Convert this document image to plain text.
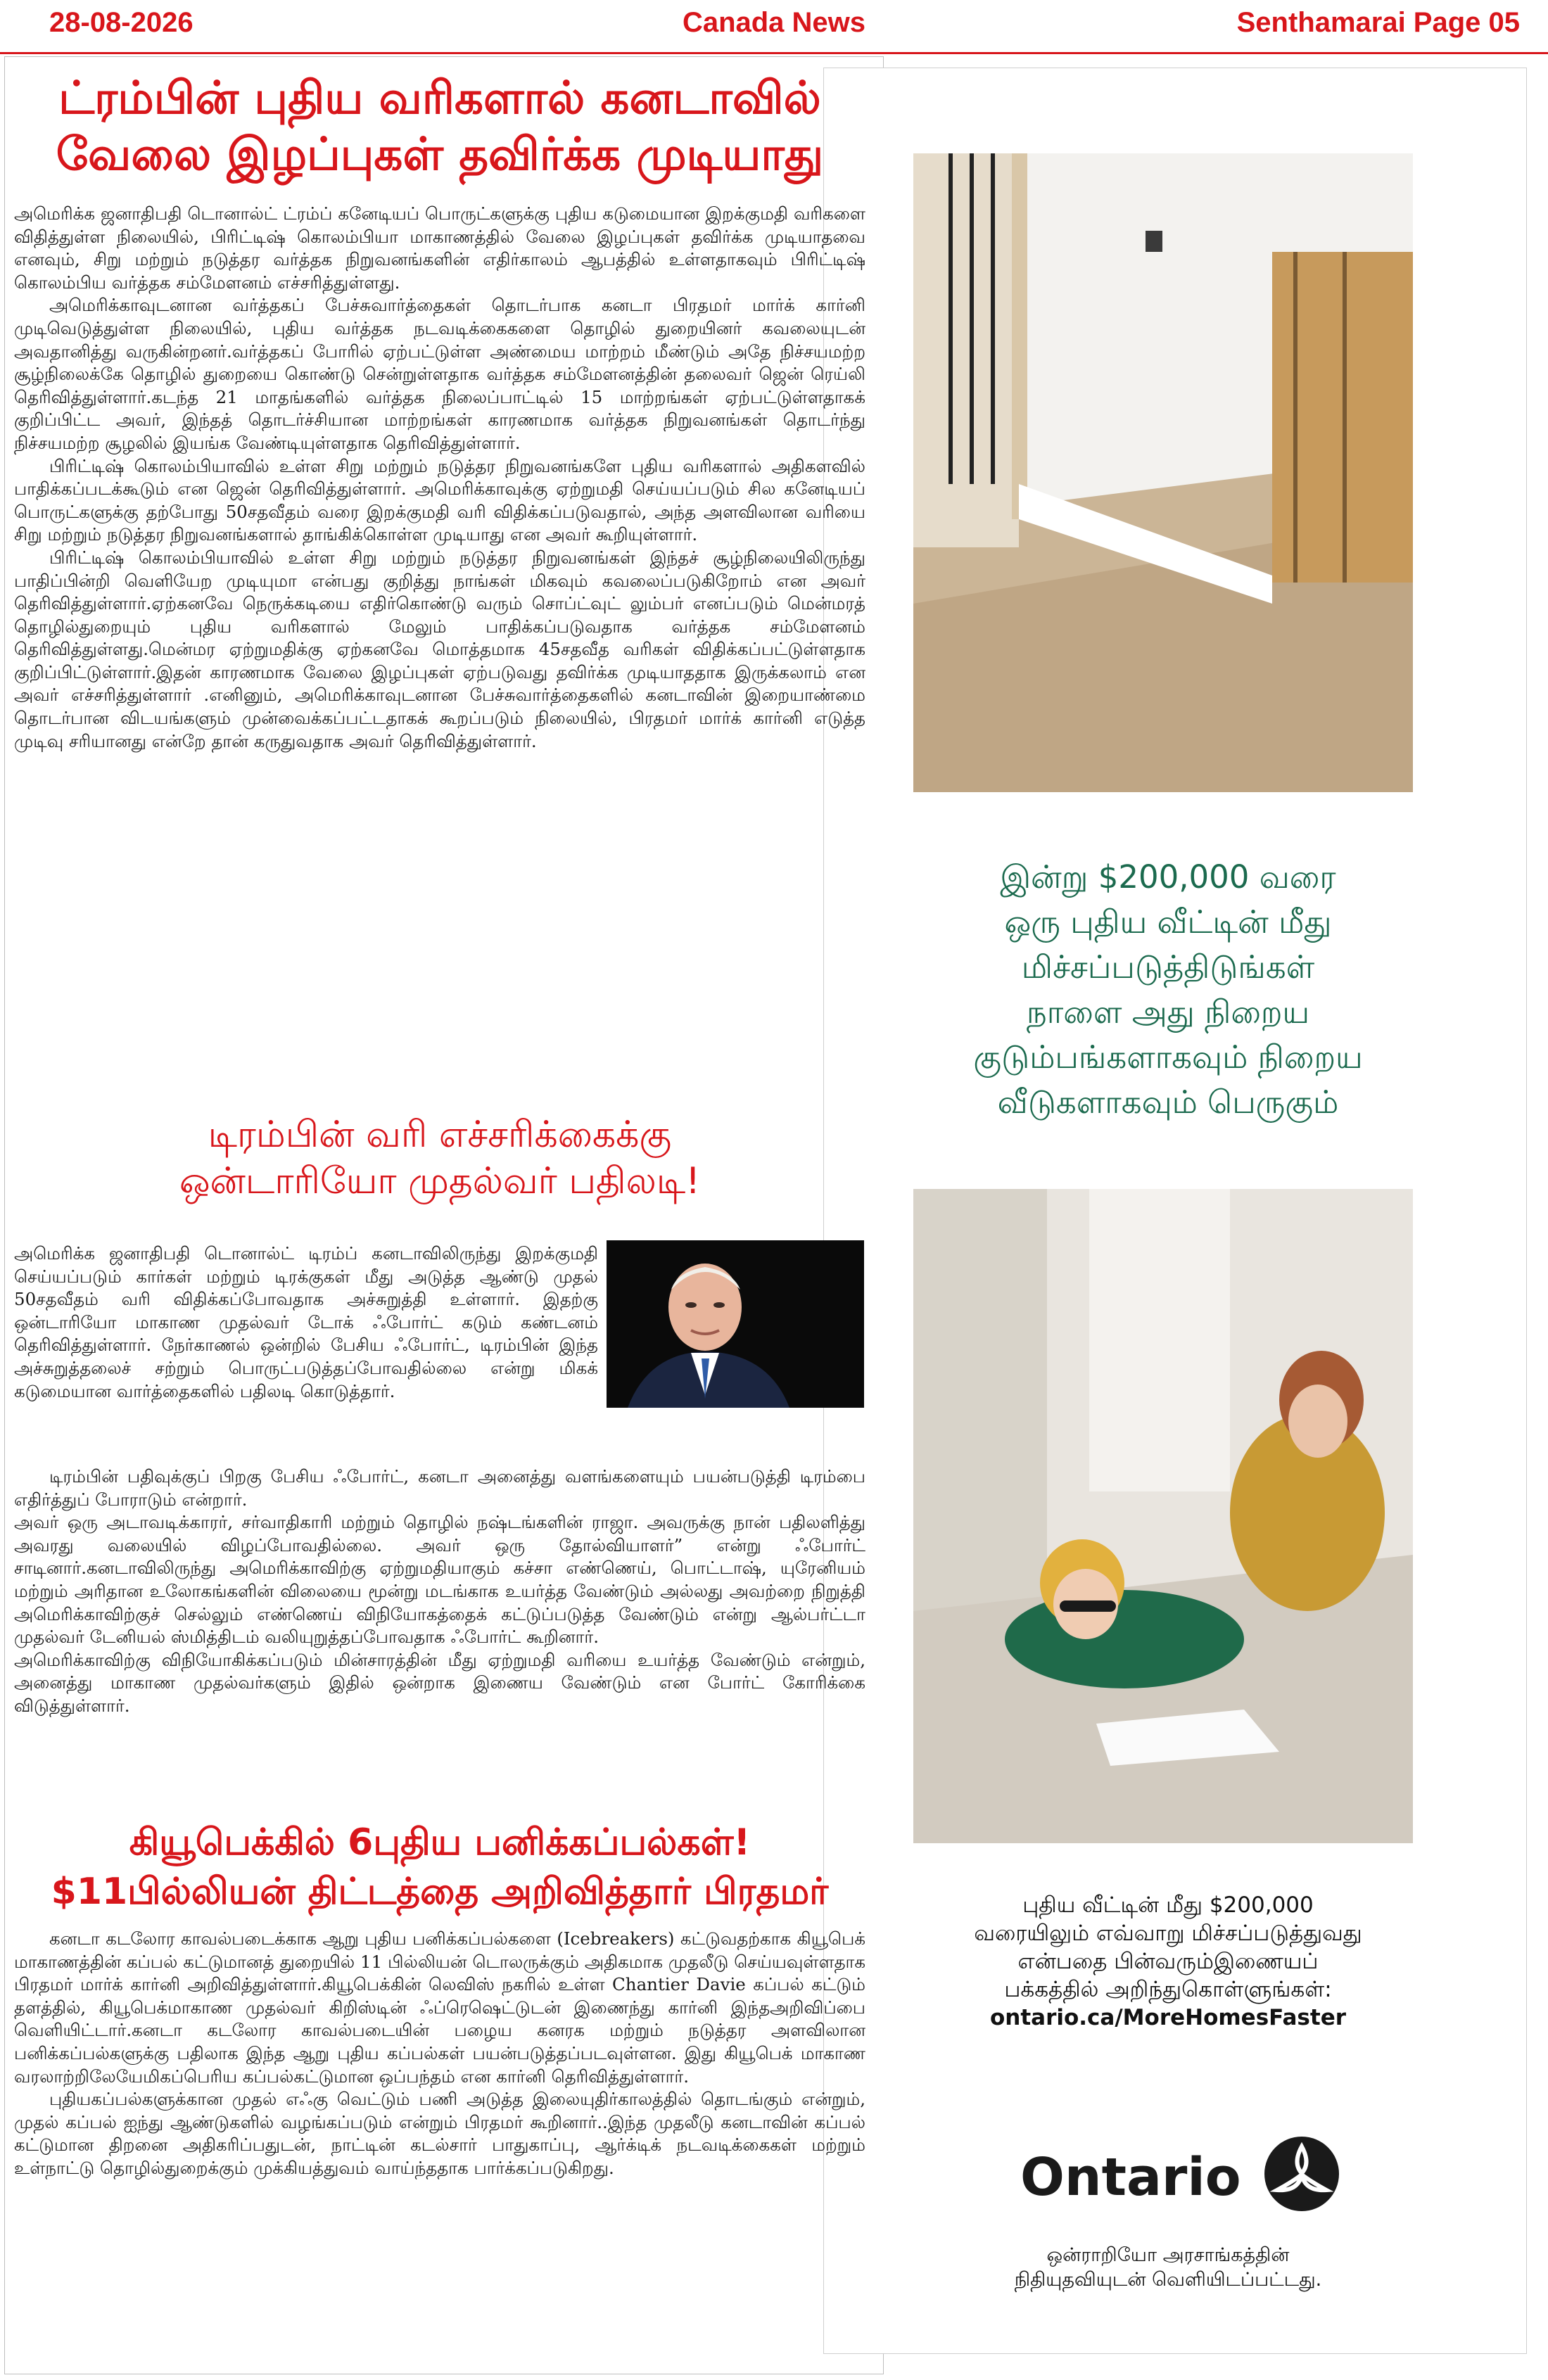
28-08-2026	Canada News	Senthamarai Page 05
ட்ரம்பின் புதிய வரிகளால் கனடாவில்
வேலை இழப்புகள் தவிர்க்க முடியாது

அமெரிக்க ஜனாதிபதி டொனால்ட் ட்ரம்ப் கனேடியப் பொருட்களுக்கு புதிய கடுமையான இறக்குமதி வரிகளை விதித்துள்ள நிலையில், பிரிட்டிஷ் கொலம்பியா மாகாணத்தில் வேலை இழப்புகள் தவிர்க்க முடியாதவை எனவும், சிறு மற்றும் நடுத்தர வர்த்தக நிறுவனங்களின் எதிர்காலம் ஆபத்தில் உள்ளதாகவும் பிரிட்டிஷ் கொலம்பிய வர்த்தக சம்மேளனம் எச்சரித்துள்ளது.

அமெரிக்காவுடனான வர்த்தகப் பேச்சுவார்த்தைகள் தொடர்பாக கனடா பிரதமர் மார்க் கார்னி முடிவெடுத்துள்ள நிலையில், புதிய வர்த்தக நடவடிக்கைகளை தொழில் துறையினர் கவலையுடன் அவதானித்து வருகின்றனர்.வர்த்தகப் போரில் ஏற்பட்டுள்ள அண்மைய மாற்றம் மீண்டும் அதே நிச்சயமற்ற சூழ்நிலைக்கே தொழில் துறையை கொண்டு சென்றுள்ளதாக வர்த்தக சம்மேளனத்தின் தலைவர் ஜென் ரெய்லி தெரிவித்துள்ளார்.கடந்த 21 மாதங்களில் வர்த்தக நிலைப்பாட்டில் 15 மாற்றங்கள் ஏற்பட்டுள்ளதாகக் குறிப்பிட்ட அவர், இந்தத் தொடர்ச்சியான மாற்றங்கள் காரணமாக வர்த்தக நிறுவனங்கள் தொடர்ந்து நிச்சயமற்ற சூழலில் இயங்க வேண்டியுள்ளதாக தெரிவித்துள்ளார்.

பிரிட்டிஷ் கொலம்பியாவில் உள்ள சிறு மற்றும் நடுத்தர நிறுவனங்களே புதிய வரிகளால் அதிகளவில் பாதிக்கப்படக்கூடும் என ஜென் தெரிவித்துள்ளார். அமெரிக்காவுக்கு ஏற்றுமதி செய்யப்படும் சில கனேடியப் பொருட்களுக்கு தற்போது 50சதவீதம் வரை இறக்குமதி வரி விதிக்கப்படுவதால், அந்த அளவிலான வரியை சிறு மற்றும் நடுத்தர நிறுவனங்களால் தாங்கிக்கொள்ள முடியாது என அவர் கூறியுள்ளார்.

பிரிட்டிஷ் கொலம்பியாவில் உள்ள சிறு மற்றும் நடுத்தர நிறுவனங்கள் இந்தச் சூழ்நிலையிலிருந்து பாதிப்பின்றி வெளியேற முடியுமா என்பது குறித்து நாங்கள் மிகவும் கவலைப்படுகிறோம் என அவர் தெரிவித்துள்ளார்.ஏற்கனவே நெருக்கடியை எதிர்கொண்டு வரும் சொப்ட்வுட் லும்பர் எனப்படும் மென்மரத் தொழில்துறையும் புதிய வரிகளால் மேலும் பாதிக்கப்படுவதாக வர்த்தக சம்மேளனம் தெரிவித்துள்ளது.மென்மர ஏற்றுமதிக்கு ஏற்கனவே மொத்தமாக 45சதவீத வரிகள் விதிக்கப்பட்டுள்ளதாக குறிப்பிட்டுள்ளார்.இதன் காரணமாக வேலை இழப்புகள் ஏற்படுவது தவிர்க்க முடியாததாக இருக்கலாம் என அவர் எச்சரித்துள்ளார் .எனினும், அமெரிக்காவுடனான பேச்சுவார்த்தைகளில் கனடாவின் இறையாண்மை தொடர்பான விடயங்களும் முன்வைக்கப்பட்டதாகக் கூறப்படும் நிலையில், பிரதமர் மார்க் கார்னி எடுத்த முடிவு சரியானது என்றே தான் கருதுவதாக அவர் தெரிவித்துள்ளார்.

டிரம்பின் வரி எச்சரிக்கைக்கு
ஒன்டாரியோ முதல்வர் பதிலடி!

அமெரிக்க ஜனாதிபதி டொனால்ட் டிரம்ப் கனடாவிலிருந்து இறக்குமதி செய்யப்படும் கார்கள் மற்றும் டிரக்குகள் மீது அடுத்த ஆண்டு முதல் 50சதவீதம் வரி விதிக்கப்போவதாக அச்சுறுத்தி உள்ளார். இதற்கு ஒன்டாரியோ மாகாண முதல்வர் டோக் ஃபோர்ட் கடும் கண்டனம் தெரிவித்துள்ளார். நேர்காணல் ஒன்றில் பேசிய ஃபோர்ட், டிரம்பின் இந்த அச்சுறுத்தலைச் சற்றும் பொருட்படுத்தப்போவதில்லை என்று மிகக் கடுமையான வார்த்தைகளில் பதிலடி கொடுத்தார்.

டிரம்பின் பதிவுக்குப் பிறகு பேசிய ஃபோர்ட், கனடா அனைத்து வளங்களையும் பயன்படுத்தி டிரம்பை எதிர்த்துப் போராடும் என்றார்.

அவர் ஒரு அடாவடிக்காரர், சர்வாதிகாரி மற்றும் தொழில் நஷ்டங்களின் ராஜா. அவருக்கு நான் பதிலளித்து அவரது வலையில் விழப்போவதில்லை. அவர் ஒரு தோல்வியாளர்” என்று ஃபோர்ட் சாடினார்.கனடாவிலிருந்து அமெரிக்காவிற்கு ஏற்றுமதியாகும் கச்சா எண்ணெய், பொட்டாஷ், யுரேனியம் மற்றும் அரிதான உலோகங்களின் விலையை மூன்று மடங்காக உயர்த்த வேண்டும் அல்லது அவற்றை நிறுத்தி அமெரிக்காவிற்குச் செல்லும் எண்ணெய் விநியோகத்தைக் கட்டுப்படுத்த வேண்டும் என்று ஆல்பர்ட்டா முதல்வர் டேனியல் ஸ்மித்திடம் வலியுறுத்தப்போவதாக ஃபோர்ட் கூறினார்.

அமெரிக்காவிற்கு விநியோகிக்கப்படும் மின்சாரத்தின் மீது ஏற்றுமதி வரியை உயர்த்த வேண்டும் என்றும், அனைத்து மாகாண முதல்வர்களும் இதில் ஒன்றாக இணைய வேண்டும் என போர்ட் கோரிக்கை விடுத்துள்ளார்.

கியூபெக்கில் 6புதிய பனிக்கப்பல்கள்!
$11பில்லியன் திட்டத்தை அறிவித்தார் பிரதமர்

கனடா கடலோர காவல்படைக்காக ஆறு புதிய பனிக்கப்பல்களை (Icebreakers) கட்டுவதற்காக கியூபெக் மாகாணத்தின் கப்பல் கட்டுமானத் துறையில் 11 பில்லியன் டொலருக்கும் அதிகமாக முதலீடு செய்யவுள்ளதாக பிரதமர் மார்க் கார்னி அறிவித்துள்ளார்.கியூபெக்கின் லெவிஸ் நகரில் உள்ள Chantier Davie கப்பல் கட்டும் தளத்தில், கியூபெக்மாகாண முதல்வர் கிறிஸ்டின் ஃப்ரெஷெட்டுடன் இணைந்து கார்னி இந்தஅறிவிப்பை வெளியிட்டார்.கனடா கடலோர காவல்படையின் பழைய கனரக மற்றும் நடுத்தர அளவிலான பனிக்கப்பல்களுக்கு பதிலாக இந்த ஆறு புதிய கப்பல்கள் பயன்படுத்தப்படவுள்ளன. இது கியூபெக் மாகாண வரலாற்றிலேயேமிகப்பெரிய கப்பல்கட்டுமான ஒப்பந்தம் என கார்னி தெரிவித்துள்ளார்.

புதியகப்பல்களுக்கான முதல் எஃகு வெட்டும் பணி அடுத்த இலையுதிர்காலத்தில் தொடங்கும் என்றும், முதல் கப்பல் ஐந்து ஆண்டுகளில் வழங்கப்படும் என்றும் பிரதமர் கூறினார்..இந்த முதலீடு கனடாவின் கப்பல் கட்டுமான திறனை அதிகரிப்பதுடன், நாட்டின் கடல்சார் பாதுகாப்பு, ஆர்க்டிக் நடவடிக்கைகள் மற்றும் உள்நாட்டு தொழில்துறைக்கும் முக்கியத்துவம் வாய்ந்ததாக பார்க்கப்படுகிறது.

இன்று $200,000 வரை
ஒரு புதிய வீட்டின் மீது
மிச்சப்படுத்திடுங்கள்
நாளை அது நிறைய
குடும்பங்களாகவும் நிறைய
வீடுகளாகவும் பெருகும்
புதிய வீட்டின் மீது $200,000
வரையிலும் எவ்வாறு மிச்சப்படுத்துவது
என்பதை பின்வரும்இணையப்
பக்கத்தில் அறிந்துகொள்ளுங்கள்:
ontario.ca/MoreHomesFaster
Ontario
ஒன்ராறியோ அரசாங்கத்தின்
நிதியுதவியுடன் வெளியிடப்பட்டது.
